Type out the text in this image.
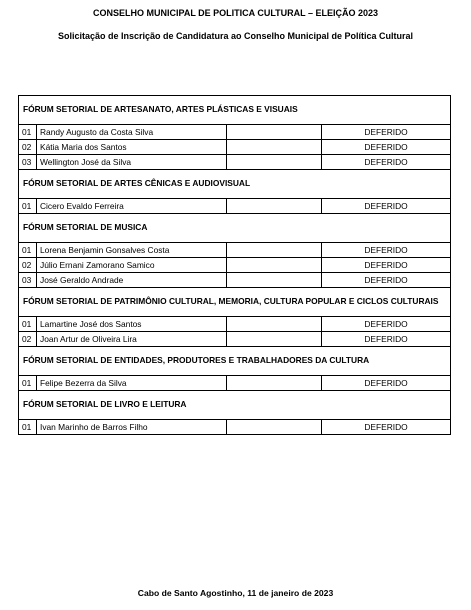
CONSELHO MUNICIPAL DE POLITICA CULTURAL – ELEIÇÃO 2023
Solicitação de Inscrição de Candidatura ao Conselho Municipal de Política Cultural
FÓRUM SETORIAL DE ARTESANATO, ARTES PLÁSTICAS E VISUAIS			
01	Randy Augusto da Costa Silva		DEFERIDO
02	Kátia Maria dos Santos		DEFERIDO
03	Wellington José da Silva		DEFERIDO
FÓRUM SETORIAL DE ARTES CÊNICAS E AUDIOVISUAL			
01	Cicero Evaldo Ferreira		DEFERIDO
FÓRUM SETORIAL DE MUSICA			
01	Lorena Benjamin Gonsalves Costa		DEFERIDO
02	Júlio Ernani Zamorano Samico		DEFERIDO
03	José Geraldo Andrade		DEFERIDO
FÓRUM SETORIAL DE PATRIMÔNIO CULTURAL, MEMORIA, CULTURA POPULAR E CICLOS CULTURAIS			
01	Lamartine José dos Santos		DEFERIDO
02	Joan Artur de Oliveira Lira		DEFERIDO
FÓRUM SETORIAL DE ENTIDADES, PRODUTORES E TRABALHADORES DA CULTURA			
01	Felipe Bezerra da Silva		DEFERIDO
FÓRUM SETORIAL DE LIVRO E LEITURA			
01	Ivan Marinho de Barros Filho		DEFERIDO
Cabo de Santo Agostinho, 11 de janeiro de 2023
